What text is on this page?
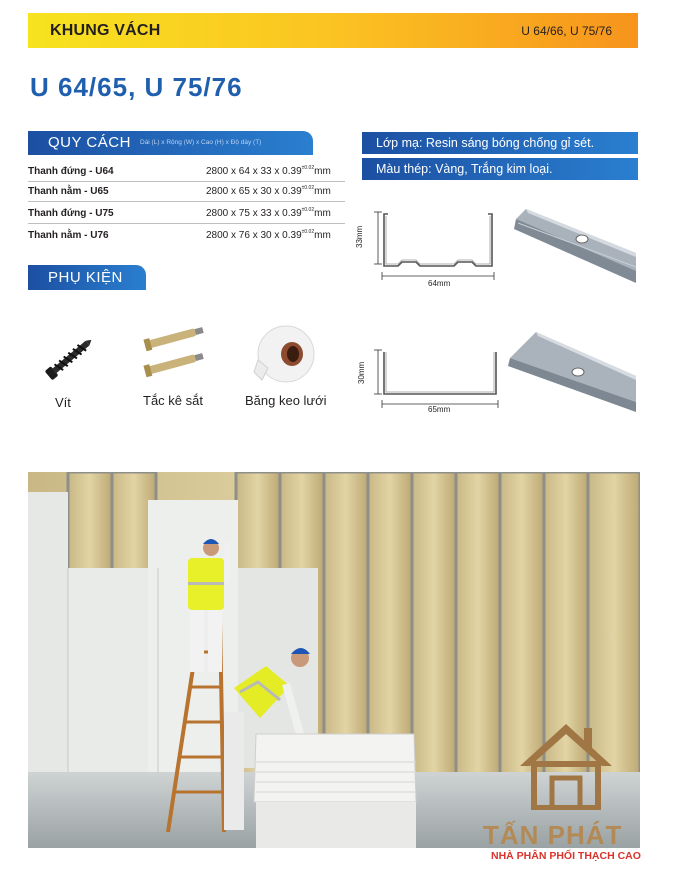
KHUNG VÁCH	U 64/66, U 75/76
U 64/65, U 75/76
QUY CÁCH Dài (L) x Rộng (W) x Cao (H) x Độ dày (T)
Thanh đứng - U64	2800 x 64 x 33 x $0.39^{\pm 0.02}mm$
Thanh nằm - U65	2800 x 65 x 30 x $0.39^{\pm 0.02}mm$
Thanh đứng - U75	2800 x 75 x 33 x $0.39^{\pm 0.02}mm$
Thanh nằm - U76	2800 x 76 x 30 x $0.39^{\pm 0.02}mm$
PHỤ KIỆN
Vít	Tắc kê sắt	Băng keo lưới
Lớp mạ: Resin sáng bóng chống gỉ sét.
Màu thép: Vàng, Trắng kim loại.
33mm
64mm
30mm
65mm
TẤN PHÁT
NHÀ PHÂN PHỐI THẠCH CAO
